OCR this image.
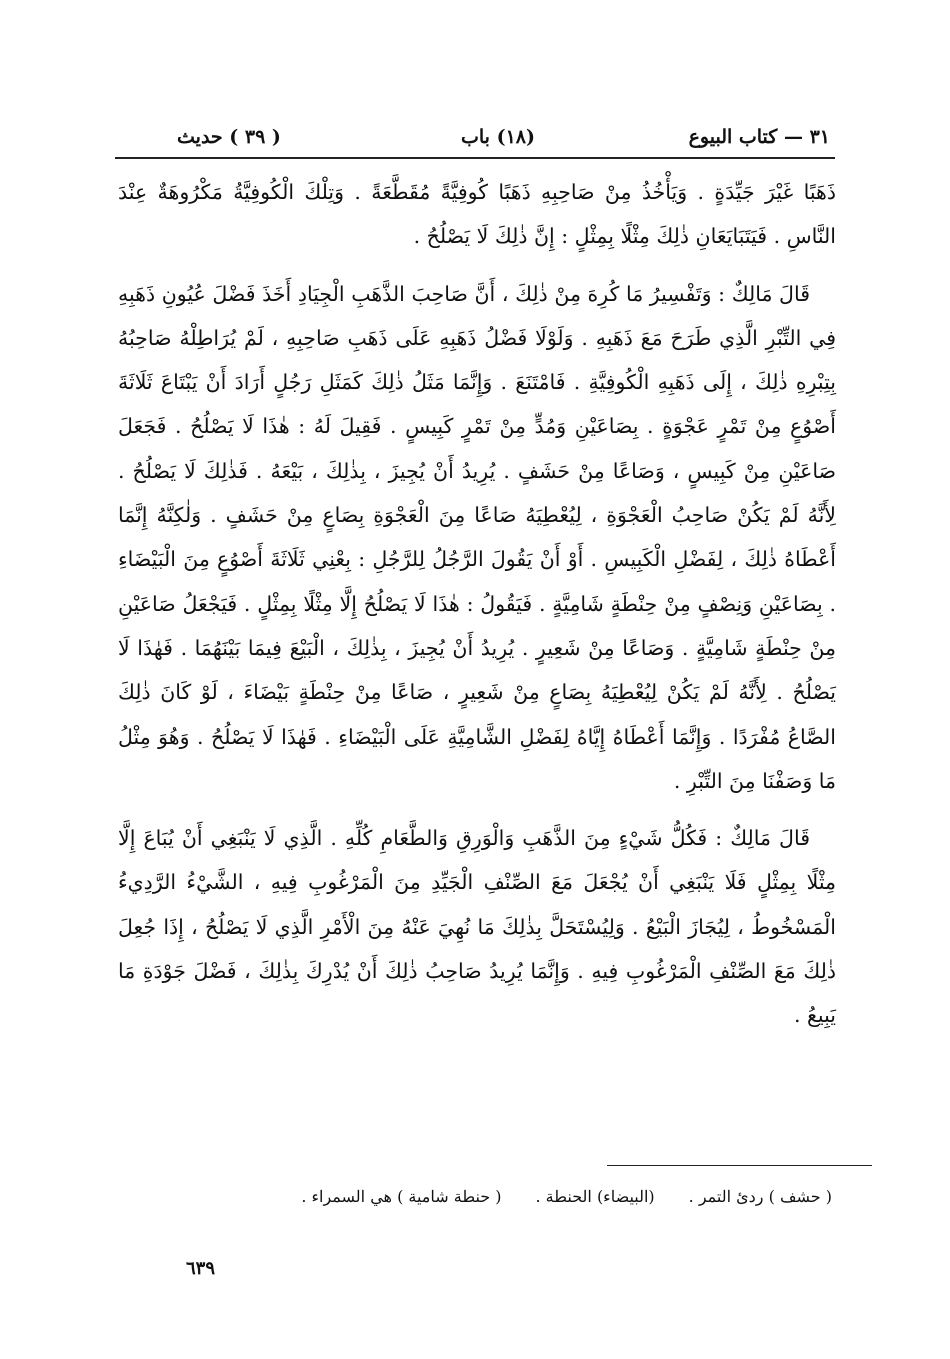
٣١ — كتاب البيوع
(١٨) باب
( ٣٩ ) حديث

ذَهَبًا غَيْرَ جَيِّدَةٍ . وَيَأْخُذُ مِنْ صَاحِبِهِ ذَهَبًا كُوفِيَّةً مُقَطَّعَةً . وَتِلْكَ الْكُوفِيَّةُ مَكْرُوهَةٌ عِنْدَ النَّاسِ . فَيَتَبَايَعَانِ ذٰلِكَ مِثْلًا بِمِثْلٍ : إِنَّ ذٰلِكَ لَا يَصْلُحُ .

قَالَ مَالِكٌ : وَتَفْسِيرُ مَا كُرِهَ مِنْ ذٰلِكَ ، أَنَّ صَاحِبَ الذَّهَبِ الْجِيَادِ أَخَذَ فَضْلَ عُيُونِ ذَهَبِهِ فِي التِّبْرِ الَّذِي طَرَحَ مَعَ ذَهَبِهِ . وَلَوْلَا فَضْلُ ذَهَبِهِ عَلَى ذَهَبِ صَاحِبِهِ ، لَمْ يُرَاطِلْهُ صَاحِبُهُ بِتِبْرِهِ ذٰلِكَ ، إِلَى ذَهَبِهِ الْكُوفِيَّةِ . فَامْتَنَعَ . وَإِنَّمَا مَثَلُ ذٰلِكَ كَمَثَلِ رَجُلٍ أَرَادَ أَنْ يَبْتَاعَ ثَلَاثَةَ أَصْوُعٍ مِنْ تَمْرٍ عَجْوَةٍ . بِصَاعَيْنِ وَمُدٍّ مِنْ تَمْرٍ كَبِيسٍ . فَقِيلَ لَهُ : هٰذَا لَا يَصْلُحُ . فَجَعَلَ صَاعَيْنِ مِنْ كَبِيسٍ ، وَصَاعًا مِنْ حَشَفٍ . يُرِيدُ أَنْ يُجِيزَ ، بِذٰلِكَ ، بَيْعَهُ . فَذٰلِكَ لَا يَصْلُحُ . لِأَنَّهُ لَمْ يَكُنْ صَاحِبُ الْعَجْوَةِ ، لِيُعْطِيَهُ صَاعًا مِنَ الْعَجْوَةِ بِصَاعٍ مِنْ حَشَفٍ . وَلٰكِنَّهُ إِنَّمَا أَعْطَاهُ ذٰلِكَ ، لِفَضْلِ الْكَبِيسِ . أَوْ أَنْ يَقُولَ الرَّجُلُ لِلرَّجُلِ : بِعْنِي ثَلَاثَةَ أَصْوُعٍ مِنَ الْبَيْضَاءِ . بِصَاعَيْنِ وَنِصْفٍ مِنْ حِنْطَةٍ شَامِيَّةٍ . فَيَقُولُ : هٰذَا لَا يَصْلُحُ إِلَّا مِثْلًا بِمِثْلٍ . فَيَجْعَلُ صَاعَيْنِ مِنْ حِنْطَةٍ شَامِيَّةٍ . وَصَاعًا مِنْ شَعِيرٍ . يُرِيدُ أَنْ يُجِيزَ ، بِذٰلِكَ ، الْبَيْعَ فِيمَا بَيْنَهُمَا . فَهٰذَا لَا يَصْلُحُ . لِأَنَّهُ لَمْ يَكُنْ لِيُعْطِيَهُ بِصَاعٍ مِنْ شَعِيرٍ ، صَاعًا مِنْ حِنْطَةٍ بَيْضَاءَ ، لَوْ كَانَ ذٰلِكَ الصَّاعُ مُفْرَدًا . وَإِنَّمَا أَعْطَاهُ إِيَّاهُ لِفَضْلِ الشَّامِيَّةِ عَلَى الْبَيْضَاءِ . فَهٰذَا لَا يَصْلُحُ . وَهُوَ مِثْلُ مَا وَصَفْنَا مِنَ التِّبْرِ .

قَالَ مَالِكٌ : فَكُلُّ شَيْءٍ مِنَ الذَّهَبِ وَالْوَرِقِ وَالطَّعَامِ كُلِّهِ . الَّذِي لَا يَنْبَغِي أَنْ يُبَاعَ إِلَّا مِثْلًا بِمِثْلٍ فَلَا يَنْبَغِي أَنْ يُجْعَلَ مَعَ الصِّنْفِ الْجَيِّدِ مِنَ الْمَرْغُوبِ فِيهِ ، الشَّيْءُ الرَّدِيءُ الْمَسْخُوطُ ، لِيُجَازَ الْبَيْعُ . وَلِيُسْتَحَلَّ بِذٰلِكَ مَا نُهِيَ عَنْهُ مِنَ الْأَمْرِ الَّذِي لَا يَصْلُحُ ، إِذَا جُعِلَ ذٰلِكَ مَعَ الصِّنْفِ الْمَرْغُوبِ فِيهِ . وَإِنَّمَا يُرِيدُ صَاحِبُ ذٰلِكَ أَنْ يُدْرِكَ بِذٰلِكَ ، فَضْلَ جَوْدَةِ مَا يَبِيعُ .

( حشف ) ردئ التمر .(البيضاء) الحنطة .( حنطة شامية ) هي السمراء .
٦٣٩
